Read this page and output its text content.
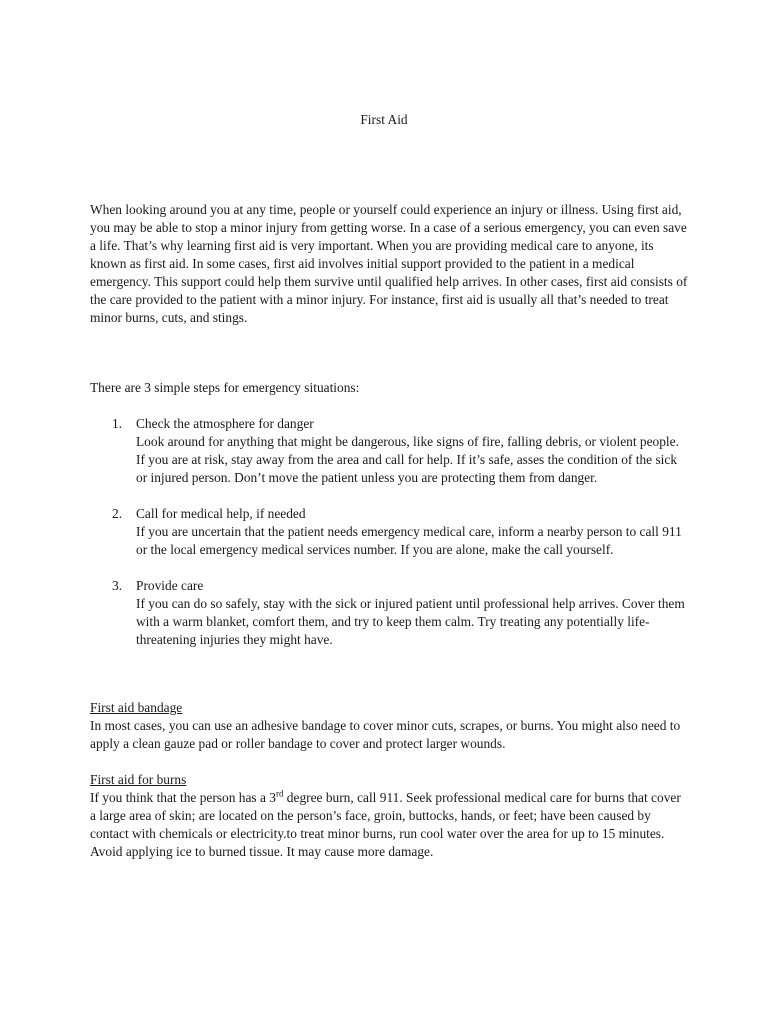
First Aid

When looking around you at any time, people or yourself could experience an injury or illness. Using first aid, you may be able to stop a minor injury from getting worse. In a case of a serious emergency, you can even save a life. That’s why learning first aid is very important. When you are providing medical care to anyone, its known as first aid. In some cases, first aid involves initial support provided to the patient in a medical emergency. This support could help them survive until qualified help arrives. In other cases, first aid consists of the care provided to the patient with a minor injury. For instance, first aid is usually all that’s needed to treat minor burns, cuts, and stings.

There are 3 simple steps for emergency situations:

1. Check the atmosphere for danger
Look around for anything that might be dangerous, like signs of fire, falling debris, or violent people. If you are at risk, stay away from the area and call for help. If it’s safe, asses the condition of the sick or injured person. Don’t move the patient unless you are protecting them from danger.
2. Call for medical help, if needed
If you are uncertain that the patient needs emergency medical care, inform a nearby person to call 911 or the local emergency medical services number. If you are alone, make the call yourself.
3. Provide care
If you can do so safely, stay with the sick or injured patient until professional help arrives. Cover them with a warm blanket, comfort them, and try to keep them calm. Try treating any potentially life-threatening injuries they might have.
First aid bandage

In most cases, you can use an adhesive bandage to cover minor cuts, scrapes, or burns. You might also need to apply a clean gauze pad or roller bandage to cover and protect larger wounds.

First aid for burns

If you think that the person has a 3rd degree burn, call 911. Seek professional medical care for burns that cover a large area of skin; are located on the person’s face, groin, buttocks, hands, or feet; have been caused by contact with chemicals or electricity.to treat minor burns, run cool water over the area for up to 15 minutes. Avoid applying ice to burned tissue. It may cause more damage.
